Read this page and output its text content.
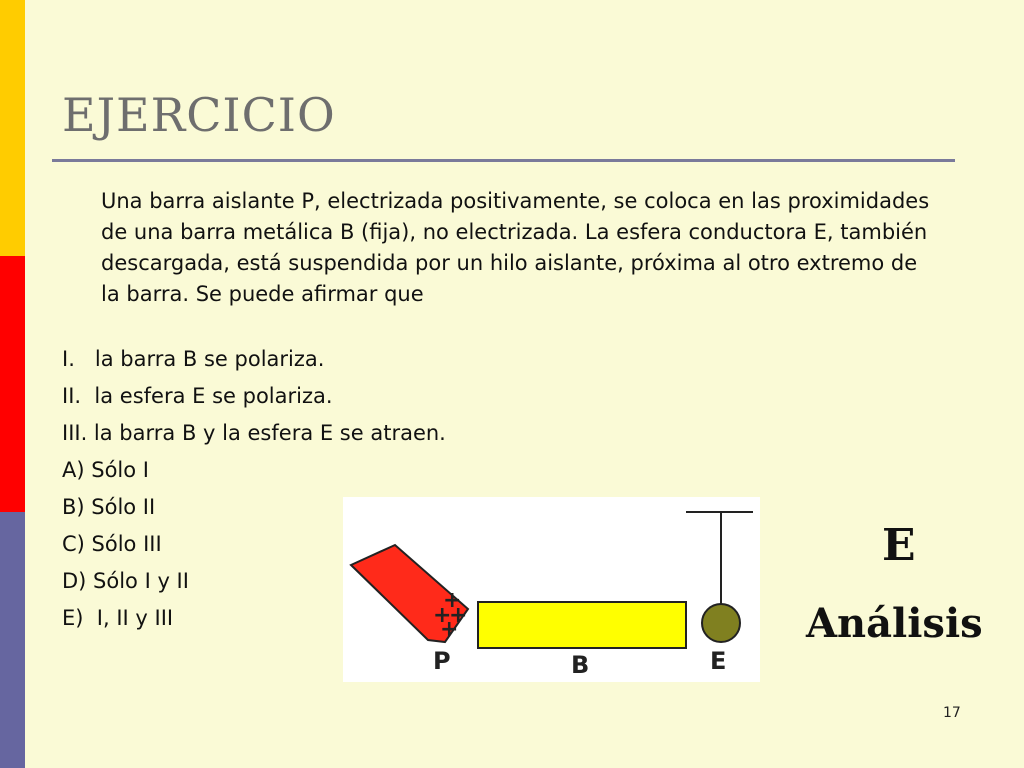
EJERCICIO

Una barra aislante P, electrizada positivamente, se coloca en las proximidades de una barra metálica B (fija), no electrizada. La esfera conductora E, también descargada, está suspendida por un hilo aislante, próxima al otro extremo de la barra. Se puede afirmar que

I.   la barra B se polariza.

II.  la esfera E se polariza.

III. la barra B y la esfera E se atraen.

A) Sólo I

B) Sólo II

C) Sólo III

D) Sólo I y II

E)  I, II y III

+
+
+
+
P	B	E
E
Análisis
17
